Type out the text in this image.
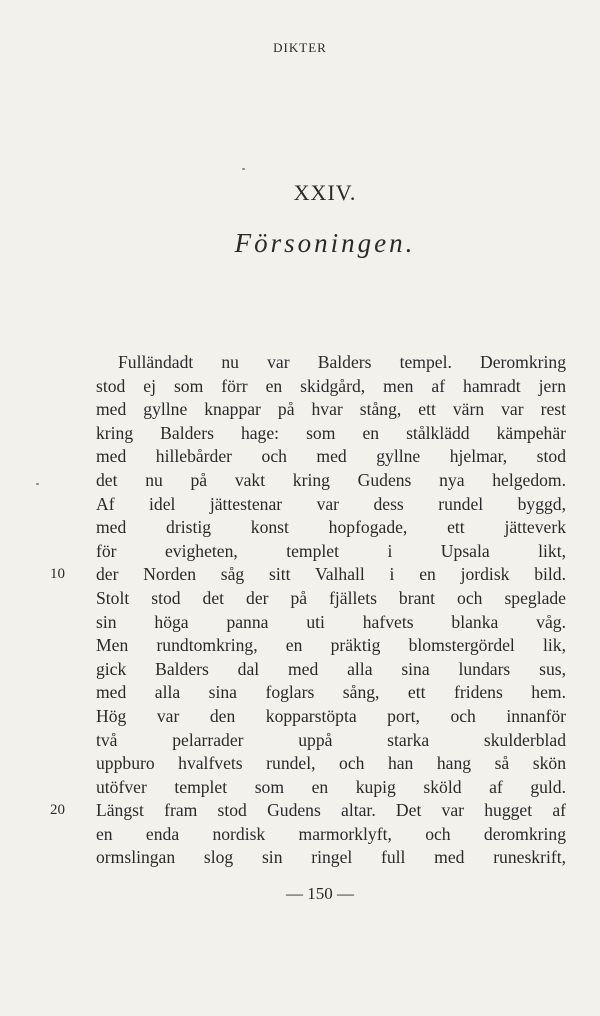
DIKTER
XXIV.
Försoningen.
Fulländadt nu var Balders tempel. Deromkring
stod ej som förr en skidgård, men af hamradt jern
med gyllne knappar på hvar stång, ett värn var rest
kring Balders hage: som en stålklädd kämpehär
med hillebårder och med gyllne hjelmar, stod
det nu på vakt kring Gudens nya helgedom.
Af idel jättestenar var dess rundel byggd,
med dristig konst hopfogade, ett jätteverk
för evigheten, templet i Upsala likt,
der Norden såg sitt Valhall i en jordisk bild.
10
Stolt stod det der på fjällets brant och speglade
sin höga panna uti hafvets blanka våg.
Men rundtomkring, en präktig blomstergördel lik,
gick Balders dal med alla sina lundars sus,
med alla sina foglars sång, ett fridens hem.
Hög var den kopparstöpta port, och innanför
två pelarrader uppå starka skulderblad
uppburo hvalfvets rundel, och han hang så skön
utöfver templet som en kupig sköld af guld.
Längst fram stod Gudens altar. Det var hugget af
20
en enda nordisk marmorklyft, och deromkring
ormslingan slog sin ringel full med runeskrift,
— 150 —
